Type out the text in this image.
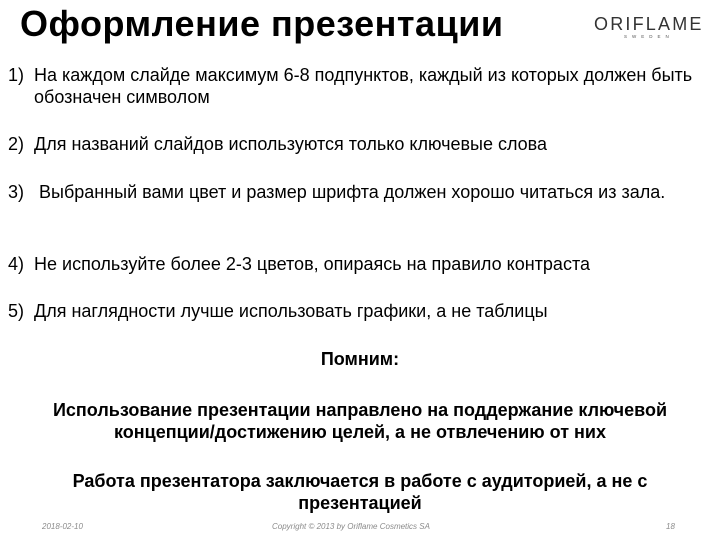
Оформление презентации	ORIFLAME
SWEDEN
1) На каждом слайде максимум 6-8 подпунктов, каждый из которых должен быть обозначен символом
2) Для названий слайдов используются только ключевые слова
3) Выбранный вами цвет и размер шрифта должен хорошо читаться из зала.
4) Не используйте более 2-3 цветов, опираясь на правило контраста
5) Для наглядности лучше использовать графики, а не таблицы
Помним:
Использование презентации направлено на поддержание ключевой концепции/достижению целей, а не отвлечению от них
Работа презентатора заключается в работе с аудиторией, а не с презентацией
2018-02-10	Copyright © 2013 by Oriflame Cosmetics SA	18
